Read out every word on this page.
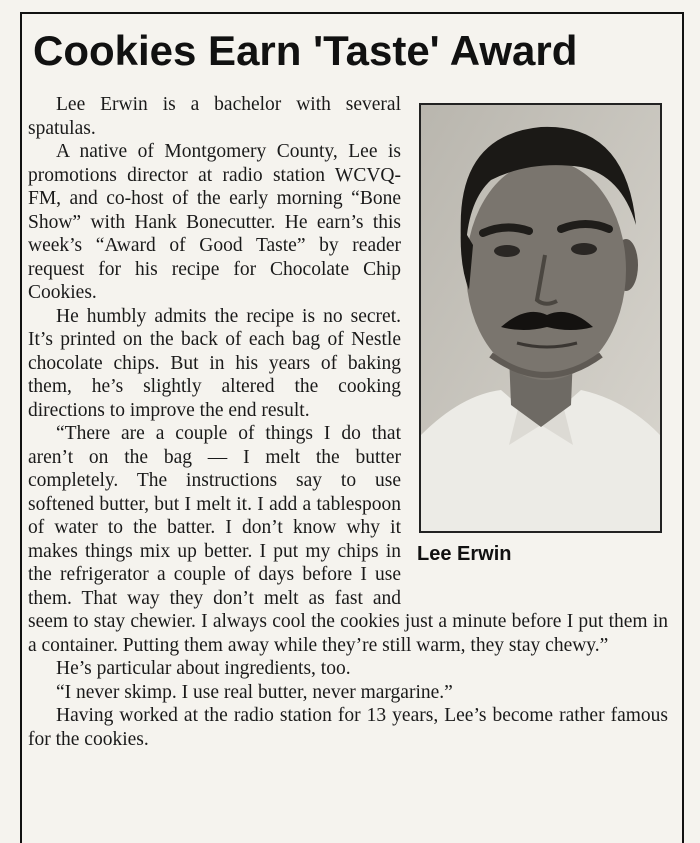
Cookies Earn 'Taste' Award
Lee Erwin

Lee Erwin is a bachelor with several spatulas.

A native of Montgomery County, Lee is promotions director at radio station WCVQ-FM, and co-host of the early morning “Bone Show” with Hank Bonecutter. He earn’s this week’s “Award of Good Taste” by reader request for his recipe for Chocolate Chip Cookies.

He humbly admits the recipe is no secret. It’s printed on the back of each bag of Nestle chocolate chips. But in his years of baking them, he’s slightly altered the cooking directions to improve the end result.

“There are a couple of things I do that aren’t on the bag — I melt the butter completely. The instructions say to use softened butter, but I melt it. I add a tablespoon of water to the batter. I don’t know why it makes things mix up better. I put my chips in the refrigerator a couple of days before I use them. That way they don’t melt as fast and seem to stay chewier. I always cool the cookies just a minute before I put them in a container. Putting them away while they’re still warm, they stay chewy.”

He’s particular about ingredients, too.

“I never skimp. I use real butter, never margarine.”

Having worked at the radio station for 13 years, Lee’s become rather famous for the cookies.
